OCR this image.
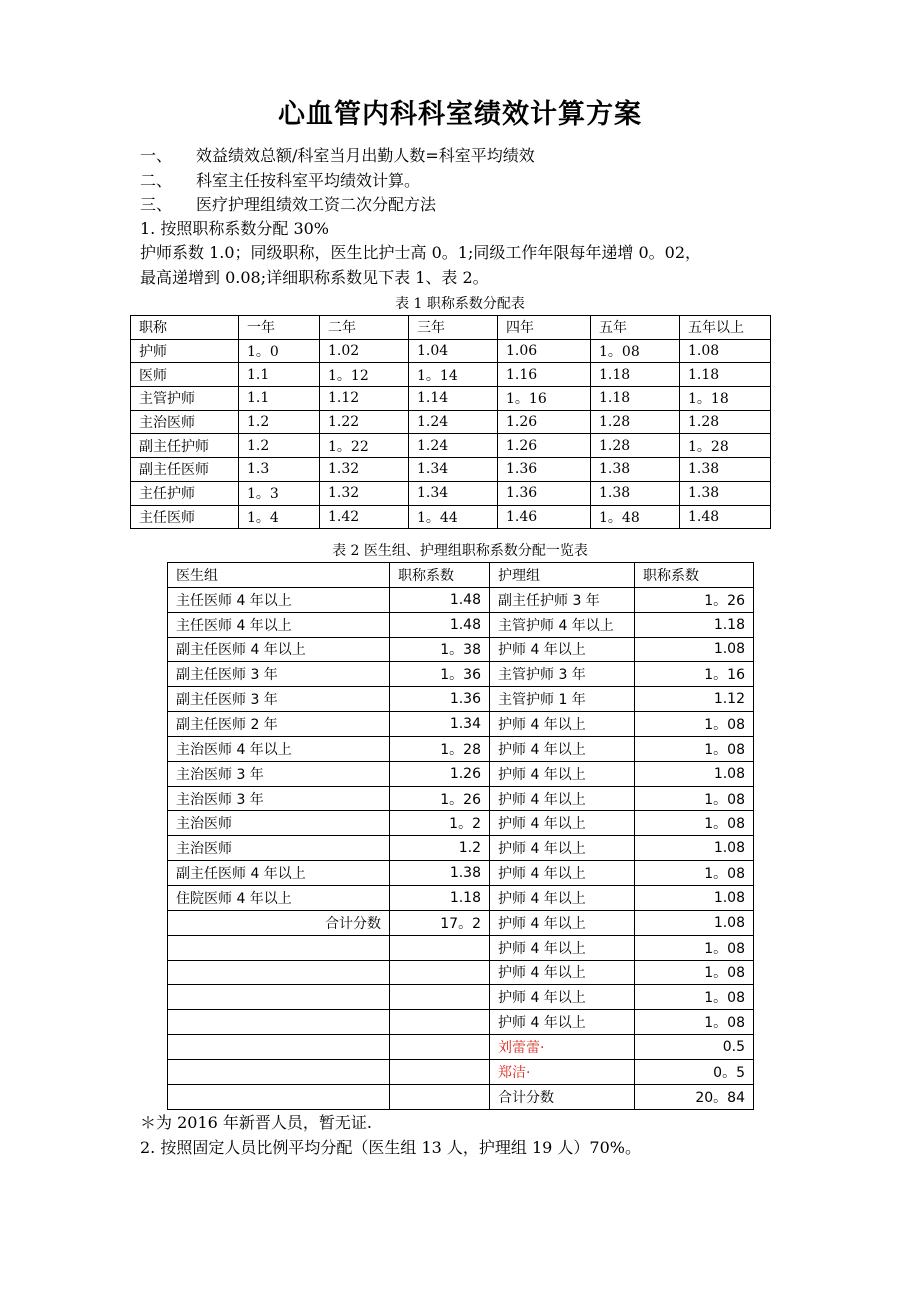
心血管内科科室绩效计算方案
一、 效益绩效总额/科室当月出勤人数=科室平均绩效
二、 科室主任按科室平均绩效计算。
三、 医疗护理组绩效工资二次分配方法
1. 按照职称系数分配 30%
护师系数 1.0；同级职称，医生比护士高 0。1;同级工作年限每年递增 0。02，
最高递增到 0.08;详细职称系数见下表 1、表 2。
表 1 职称系数分配表
职称	一年	二年	三年	四年	五年	五年以上
护师	1。0	1.02	1.04	1.06	1。08	1.08
医师	1.1	1。12	1。14	1.16	1.18	1.18
主管护师	1.1	1.12	1.14	1。16	1.18	1。18
主治医师	1.2	1.22	1.24	1.26	1.28	1.28
副主任护师	1.2	1。22	1.24	1.26	1.28	1。28
副主任医师	1.3	1.32	1.34	1.36	1.38	1.38
主任护师	1。3	1.32	1.34	1.36	1.38	1.38
主任医师	1。4	1.42	1。44	1.46	1。48	1.48
表 2 医生组、护理组职称系数分配一览表
医生组	职称系数	护理组	职称系数
主任医师 4 年以上	1.48	副主任护师 3 年	1。26
主任医师 4 年以上	1.48	主管护师 4 年以上	1.18
副主任医师 4 年以上	1。38	护师 4 年以上	1.08
副主任医师 3 年	1。36	主管护师 3 年	1。16
副主任医师 3 年	1.36	主管护师 1 年	1.12
副主任医师 2 年	1.34	护师 4 年以上	1。08
主治医师 4 年以上	1。28	护师 4 年以上	1。08
主治医师 3 年	1.26	护师 4 年以上	1.08
主治医师 3 年	1。26	护师 4 年以上	1。08
主治医师	1。2	护师 4 年以上	1。08
主治医师	1.2	护师 4 年以上	1.08
副主任医师 4 年以上	1.38	护师 4 年以上	1。08
住院医师 4 年以上	1.18	护师 4 年以上	1.08
合计分数	17。2	护师 4 年以上	1.08
		护师 4 年以上	1。08
		护师 4 年以上	1。08
		护师 4 年以上	1。08
		护师 4 年以上	1。08
		刘蕾蕾·	0.5
		郑洁·	0。5
		合计分数	20。84
＊为 2016 年新晋人员，暂无证.
2. 按照固定人员比例平均分配（医生组 13 人，护理组 19 人）70%。
